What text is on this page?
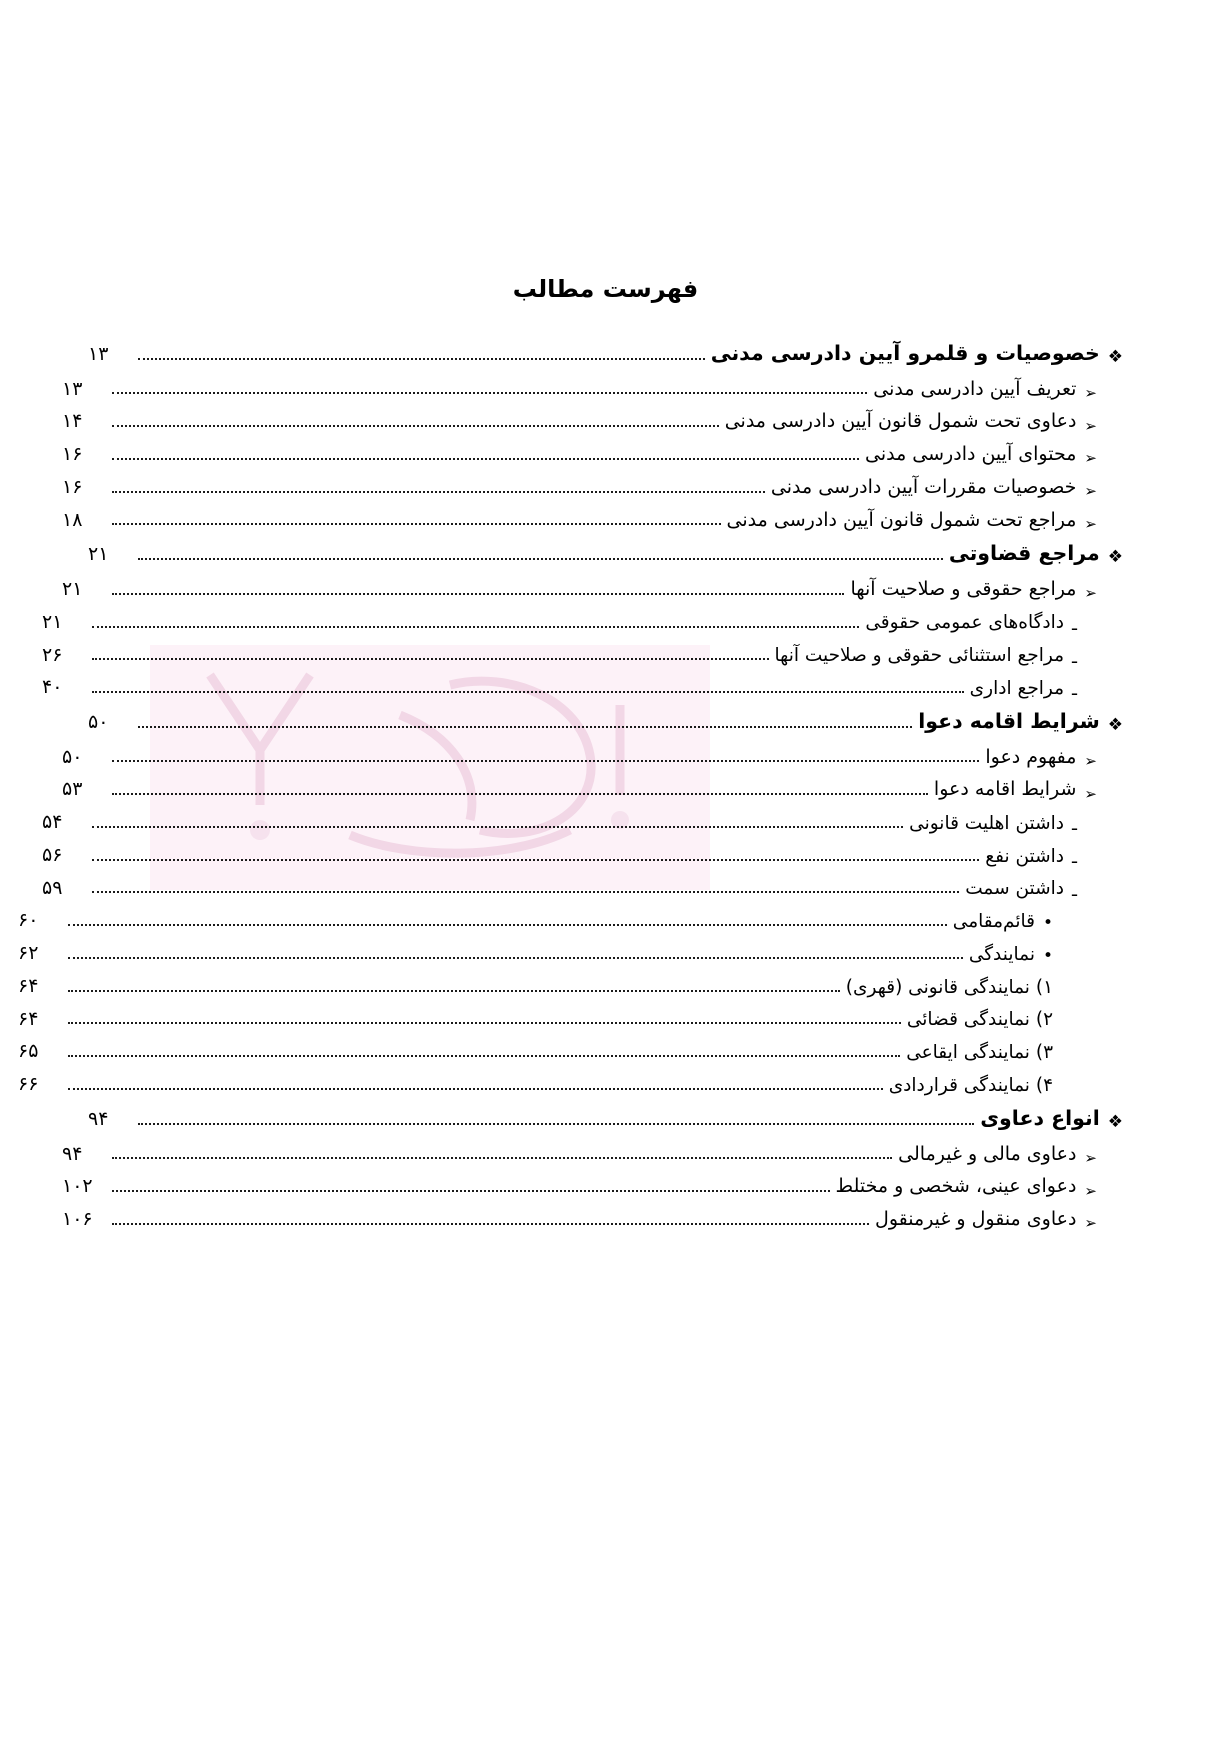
فهرست مطالب
❖
خصوصیات و قلمرو آیین دادرسی مدنی
۱۳
➢
تعریف آیین دادرسی مدنی
۱۳
➢
دعاوی تحت شمول قانون آیین دادرسی مدنی
۱۴
➢
محتوای آیین دادرسی مدنی
۱۶
➢
خصوصیات مقررات آیین دادرسی مدنی
۱۶
➢
مراجع تحت شمول قانون آیین دادرسی مدنی
۱۸
❖
مراجع قضاوتی
۲۱
➢
مراجع حقوقی و صلاحیت آنها
۲۱
ـ
دادگاه‌های عمومی حقوقی
۲۱
ـ
مراجع استثنائی حقوقی و صلاحیت آنها
۲۶
ـ
مراجع اداری
۴۰
❖
شرایط اقامه دعوا
۵۰
➢
مفهوم دعوا
۵۰
➢
شرایط اقامه دعوا
۵۳
ـ
داشتن اهلیت قانونی
۵۴
ـ
داشتن نفع
۵۶
ـ
داشتن سمت
۵۹
•
قائم‌مقامی
۶۰
•
نمایندگی
۶۲
۱) نمایندگی قانونی (قهری)
۶۴
۲) نمایندگی قضائی
۶۴
۳) نمایندگی ایقاعی
۶۵
۴) نمایندگی قراردادی
۶۶
❖
انواع دعاوی
۹۴
➢
دعاوی مالی و غیرمالی
۹۴
➢
دعوای عینی، شخصی و مختلط
۱۰۲
➢
دعاوی منقول و غیرمنقول
۱۰۶
